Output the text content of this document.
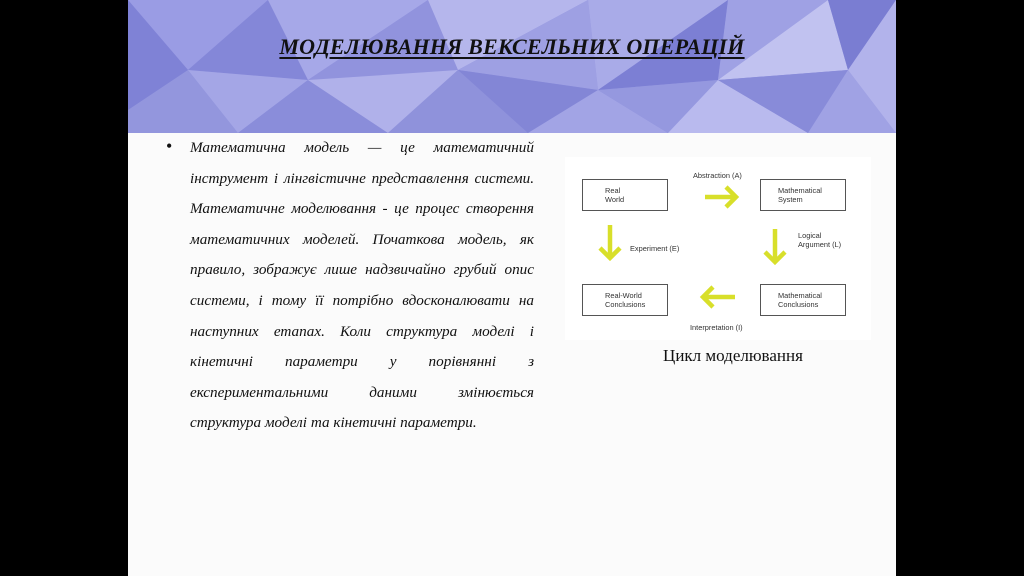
МОДЕЛЮВАННЯ ВЕКСЕЛЬНИХ ОПЕРАЦІЙ
• Математична модель — це математичний інструмент і лінгвістичне представлення системи. Математичне моделювання - це процес створення математичних моделей. Початкова модель, як правило, зображує лише надзвичайно грубий опис системи, і тому її потрібно вдосконалювати на наступних етапах. Коли структура моделі і кінетичні параметри у порівнянні з експериментальними даними змінюється структура моделі та кінетичні параметри.
Real
World
Mathematical
System
Real-World
Conclusions
Mathematical
Conclusions
Abstraction (A)
Logical
Argument (L)
Experiment (E)
Interpretation (I)
Цикл моделювання
